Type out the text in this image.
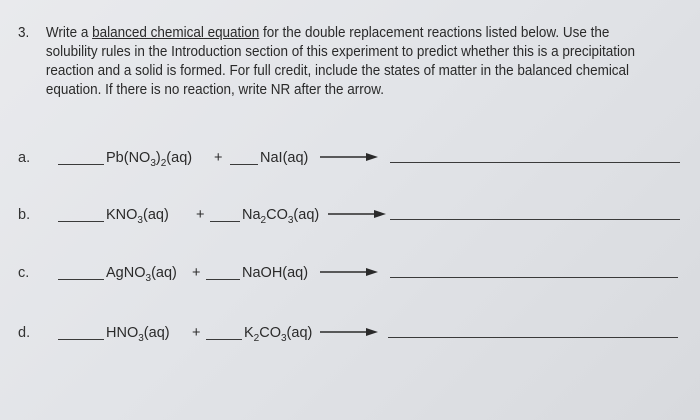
3. Write a balanced chemical equation for the double replacement reactions listed below. Use the
solubility rules in the Introduction section of this experiment to predict whether this is a precipitation
reaction and a solid is formed. For full credit, include the states of matter in the balanced chemical
equation. If there is no reaction, write NR after the arrow.
a.	$Pb(NO_3)_2(aq)$ +	NaI(aq)
b.	$KNO_3(aq)$ +	$Na_2CO_3(aq)$
c.	AgNO$_3$(aq) +	NaOH(aq)
d.	$HNO_3(aq)$ +	$K_2CO_3(aq)$
